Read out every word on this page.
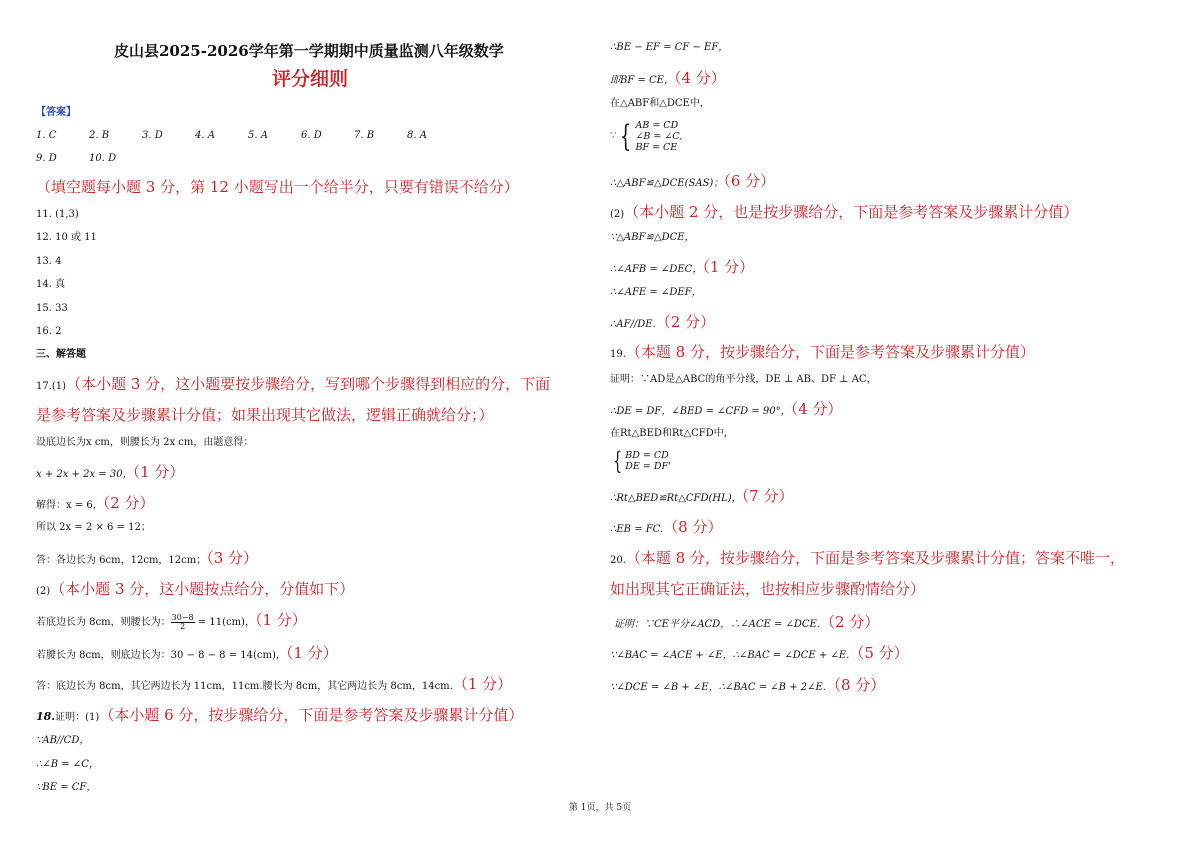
皮山县2025-2026学年第一学期期中质量监测八年级数学
评分细则
【答案】
1. C	2. B	3. D	4. A	5. A	6. D	7. B	8. A
9. D	10. D
（填空题每小题 3 分，第 12 小题写出一个给半分，只要有错误不给分）
11. (1,3)
12. 10 或 11
13. 4
14. 真
15. 33
16. 2
三、解答题
17.(1)（本小题 3 分，这小题要按步骤给分，写到哪个步骤得到相应的分，下面
是参考答案及步骤累计分值；如果出现其它做法，逻辑正确就给分；）
设底边长为x cm，则腰长为 2x cm，由题意得：
x + 2x + 2x = 30，（1 分）
解得：x = 6，（2 分）
所以 2x = 2 × 6 = 12；
答：各边长为 6cm，12cm，12cm；（3 分）
(2)（本小题 3 分，这小题按点给分，分值如下）
若底边长为 8cm，则腰长为： $\frac{30-8}{2} = 11(cm)$，（1 分）
若腰长为 8cm，则底边长为：30 − 8 − 8 = 14(cm)，（1 分）
答：底边长为 8cm，其它两边长为 11cm，11cm.腰长为 8cm，其它两边长为 8cm，14cm.（1 分）
18.证明：(1)（本小题 6 分，按步骤给分，下面是参考答案及步骤累计分值）
∵AB//CD，
∴∠B = ∠C，
∵BE = CF，
∴BE − EF = CF − EF，
即BF = CE，（4 分）
在△ABF和△DCE中，
∵ { AB = CD
∠B = ∠C,
BF = CE
∴△ABF≌△DCE(SAS)；（6 分）
(2)（本小题 2 分，也是按步骤给分，下面是参考答案及步骤累计分值）
∵△ABF≌△DCE，
∴∠AFB = ∠DEC，（1 分）
∴∠AFE = ∠DEF，
∴AF//DE.（2 分）
19.（本题 8 分，按步骤给分，下面是参考答案及步骤累计分值）
证明：∵AD是△ABC的角平分线，DE ⊥ AB、DF ⊥ AC，
∴DE = DF，∠BED = ∠CFD = 90°，（4 分）
在Rt△BED和Rt△CFD中，
{ BD = CD
DE = DF'
∴Rt△BED≌Rt△CFD(HL)，（7 分）
∴EB = FC.（8 分）
20.（本题 8 分，按步骤给分，下面是参考答案及步骤累计分值；答案不唯一，
如出现其它正确证法，也按相应步骤酌情给分）
证明：∵CE平分∠ACD，∴∠ACE = ∠DCE.（2 分）
∵∠BAC = ∠ACE + ∠E，∴∠BAC = ∠DCE + ∠E.（5 分）
∵∠DCE = ∠B + ∠E，∴∠BAC = ∠B + 2∠E.（8 分）
第 1页，共 5页
